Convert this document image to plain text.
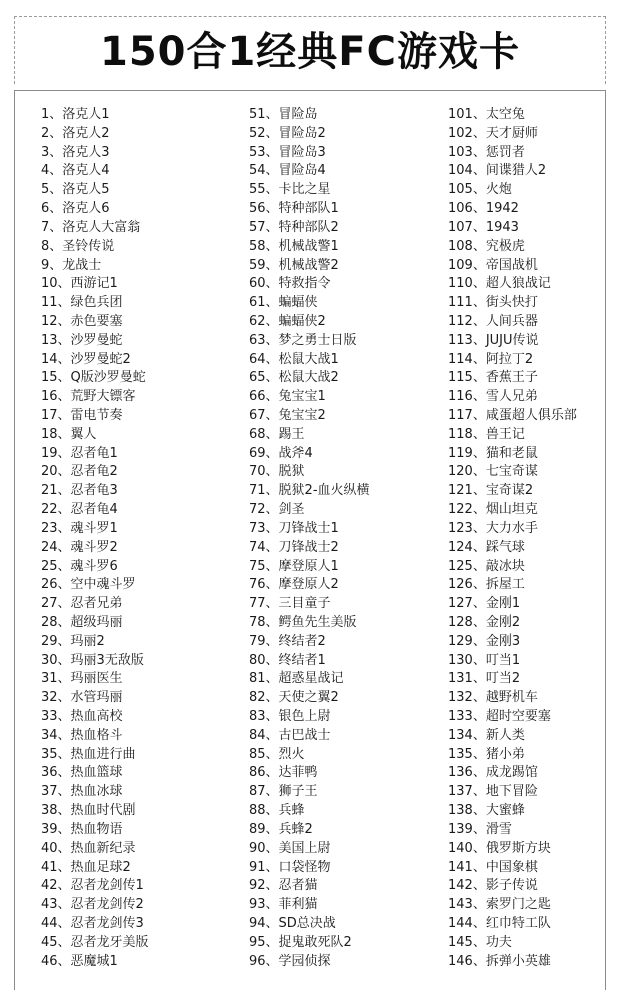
150合1经典FC游戏卡
1、洛克人1
2、洛克人2
3、洛克人3
4、洛克人4
5、洛克人5
6、洛克人6
7、洛克人大富翁
8、圣铃传说
9、龙战士
10、西游记1
11、绿色兵团
12、赤色要塞
13、沙罗曼蛇
14、沙罗曼蛇2
15、Q版沙罗曼蛇
16、荒野大镖客
17、雷电节奏
18、翼人
19、忍者龟1
20、忍者龟2
21、忍者龟3
22、忍者龟4
23、魂斗罗1
24、魂斗罗2
25、魂斗罗6
26、空中魂斗罗
27、忍者兄弟
28、超级玛丽
29、玛丽2
30、玛丽3无敌版
31、玛丽医生
32、水管玛丽
33、热血高校
34、热血格斗
35、热血进行曲
36、热血篮球
37、热血冰球
38、热血时代剧
39、热血物语
40、热血新纪录
41、热血足球2
42、忍者龙剑传1
43、忍者龙剑传2
44、忍者龙剑传3
45、忍者龙牙美版
46、恶魔城1
51、冒险岛
52、冒险岛2
53、冒险岛3
54、冒险岛4
55、卡比之星
56、特种部队1
57、特种部队2
58、机械战警1
59、机械战警2
60、特救指令
61、蝙蝠侠
62、蝙蝠侠2
63、梦之勇士日版
64、松鼠大战1
65、松鼠大战2
66、兔宝宝1
67、兔宝宝2
68、踢王
69、战斧4
70、脱狱
71、脱狱2-血火纵横
72、剑圣
73、刀锋战士1
74、刀锋战士2
75、摩登原人1
76、摩登原人2
77、三目童子
78、鳄鱼先生美版
79、终结者2
80、终结者1
81、超惑星战记
82、天使之翼2
83、银色上尉
84、古巴战士
85、烈火
86、达菲鸭
87、狮子王
88、兵蜂
89、兵蜂2
90、美国上尉
91、口袋怪物
92、忍者猫
93、菲利猫
94、SD总决战
95、捉鬼敢死队2
96、学园侦探
101、太空兔
102、天才厨师
103、惩罚者
104、间谍猎人2
105、火炮
106、1942
107、1943
108、究极虎
109、帝国战机
110、超人狼战记
111、街头快打
112、人间兵器
113、JUJU传说
114、阿拉丁2
115、香蕉王子
116、雪人兄弟
117、咸蛋超人俱乐部
118、兽王记
119、猫和老鼠
120、七宝奇谋
121、宝奇谋2
122、烟山坦克
123、大力水手
124、踩气球
125、敲冰块
126、拆屋工
127、金刚1
128、金刚2
129、金刚3
130、叮当1
131、叮当2
132、越野机车
133、超时空要塞
134、新人类
135、猪小弟
136、成龙踢馆
137、地下冒险
138、大蜜蜂
139、滑雪
140、俄罗斯方块
141、中国象棋
142、影子传说
143、索罗门之匙
144、红巾特工队
145、功夫
146、拆弹小英雄
